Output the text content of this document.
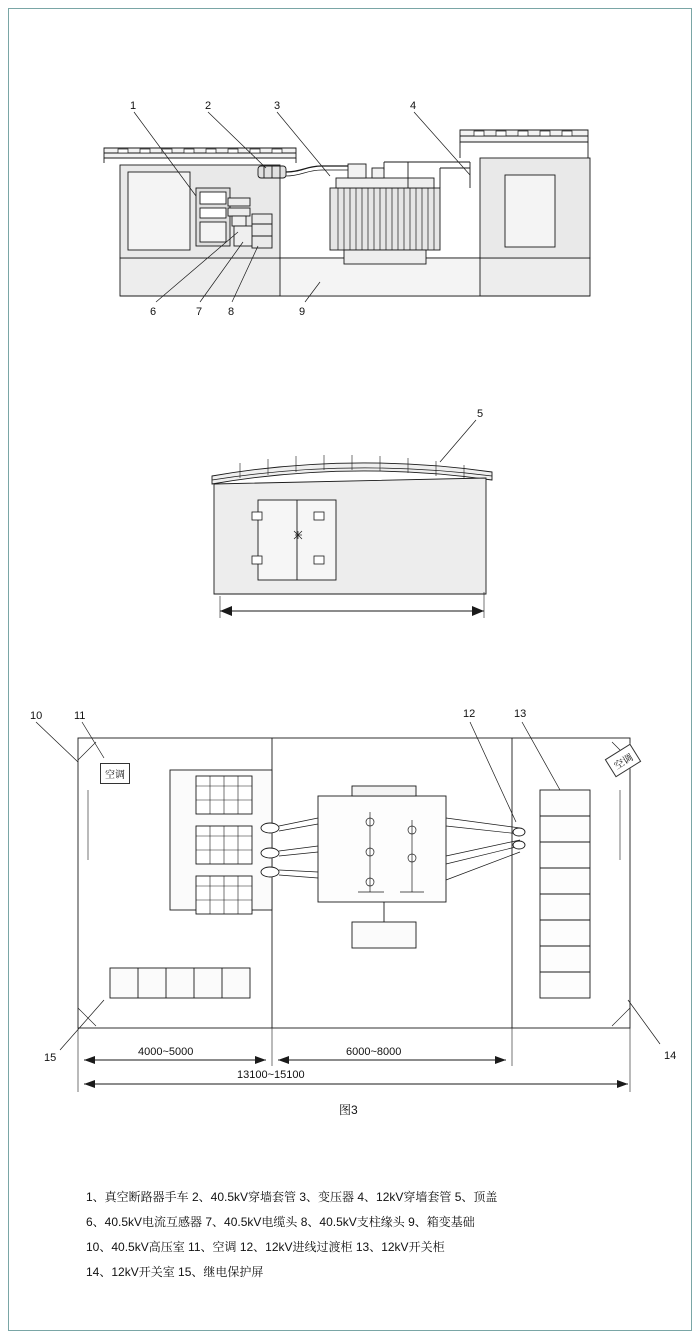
1	2	3	4
6	7 8	9
5
10	11	12	13
14
15
空调
空调
4000~5000	6000~8000
13100~15100
图3
1、真空断路器手车 2、40.5kV穿墙套管 3、变压器 4、12kV穿墙套管 5、顶盖
6、40.5kV电流互感器 7、40.5kV电缆头 8、40.5kV支柱缘头 9、箱变基础
10、40.5kV高压室 11、空调 12、12kV进线过渡柜 13、12kV开关柜
14、12kV开关室 15、继电保护屏
